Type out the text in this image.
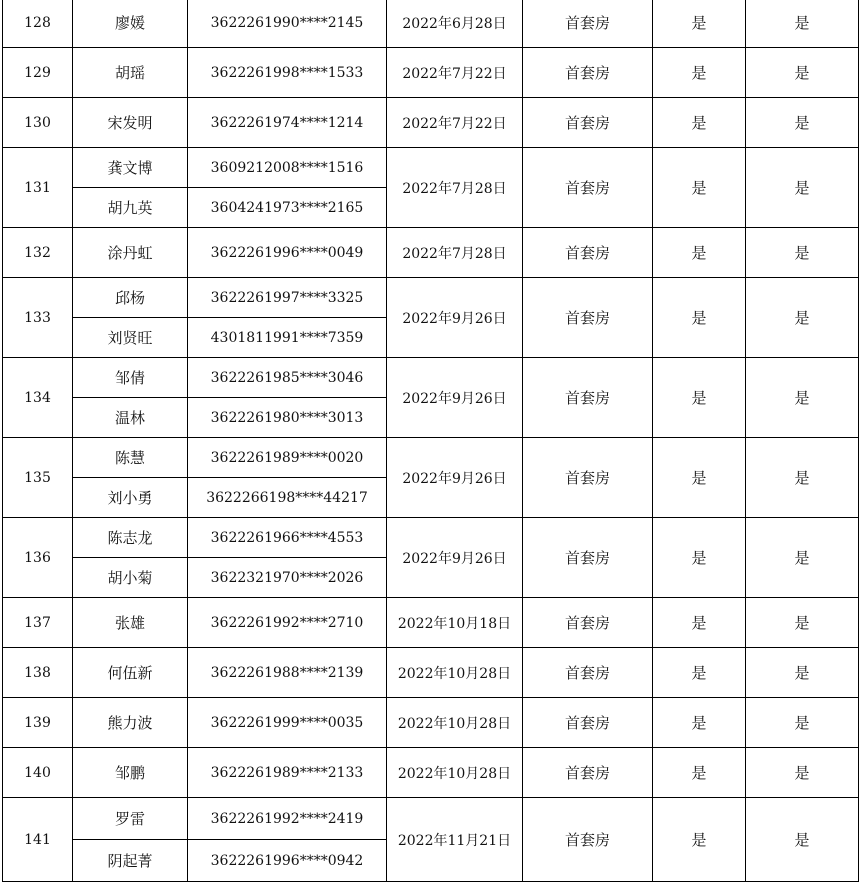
128	廖媛	3622261990****2145	2022年6月28日	首套房	是	是
129	胡瑶	3622261998****1533	2022年7月22日	首套房	是	是
130	宋发明	3622261974****1214	2022年7月22日	首套房	是	是
131	龚文博	3609212008****1516	2022年7月28日	首套房	是	是
	胡九英	3604241973****2165				
132	涂丹虹	3622261996****0049	2022年7月28日	首套房	是	是
133	邱杨	3622261997****3325	2022年9月26日	首套房	是	是
	刘贤旺	4301811991****7359				
134	邹倩	3622261985****3046	2022年9月26日	首套房	是	是
	温林	3622261980****3013				
135	陈慧	3622261989****0020	2022年9月26日	首套房	是	是
	刘小勇	3622266198****44217				
136	陈志龙	3622261966****4553	2022年9月26日	首套房	是	是
	胡小菊	3622321970****2026				
137	张雄	3622261992****2710	2022年10月18日	首套房	是	是
138	何伍新	3622261988****2139	2022年10月28日	首套房	是	是
139	熊力波	3622261999****0035	2022年10月28日	首套房	是	是
140	邹鹏	3622261989****2133	2022年10月28日	首套房	是	是
141	罗雷	3622261992****2419	2022年11月21日	首套房	是	是
	阴起菁	3622261996****0942				
